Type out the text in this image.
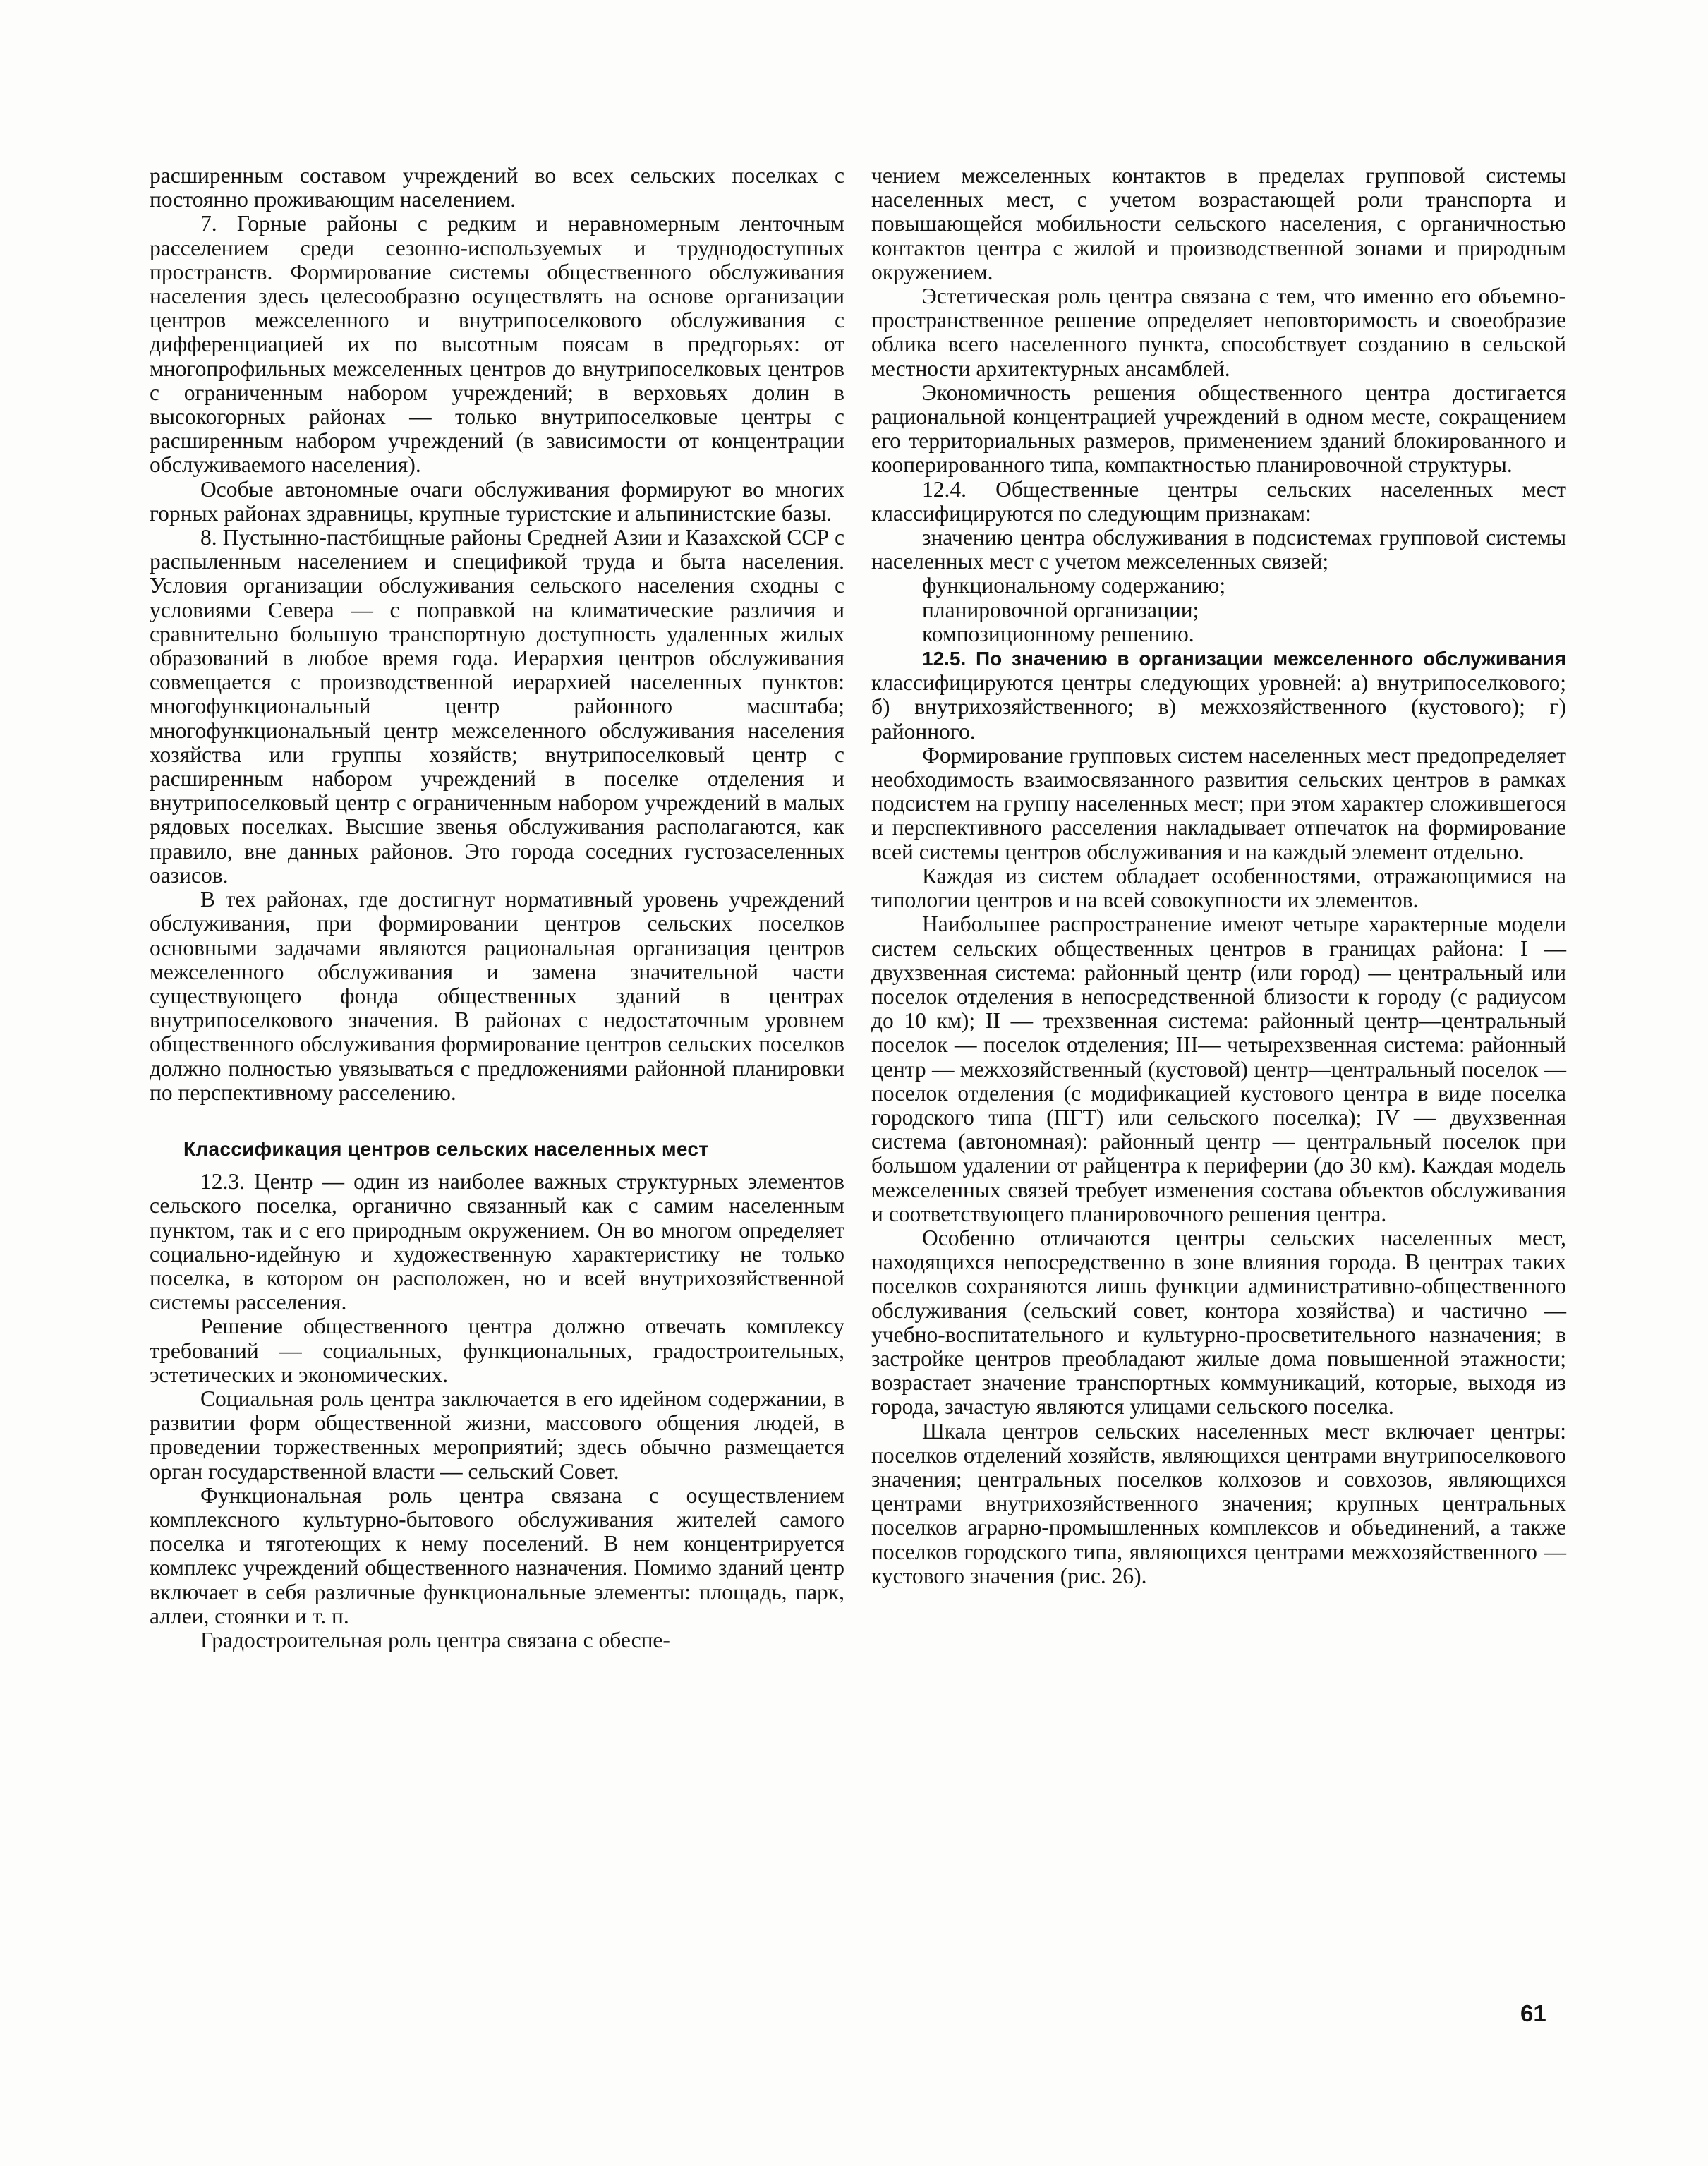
расширенным составом учреждений во всех сельских поселках с постоянно проживающим населением.

7. Горные районы с редким и неравномерным ленточным расселением среди сезонно-используемых и труднодоступных пространств. Формирование системы общественного обслуживания населения здесь целесообразно осуществлять на основе организации центров межселенного и внутрипоселкового обслуживания с дифференциацией их по высотным поясам в предгорьях: от многопрофильных межселенных центров до внутрипоселковых центров с ограниченным набором учреждений; в верховьях долин в высокогорных районах — только внутрипоселковые центры с расширенным набором учреждений (в зависимости от концентрации обслуживаемого населения).

Особые автономные очаги обслуживания формируют во многих горных районах здравницы, крупные туристские и альпинистские базы.

8. Пустынно-пастбищные районы Средней Азии и Казахской ССР с распыленным населением и спецификой труда и быта населения. Условия организации обслуживания сельского населения сходны с условиями Севера — с поправкой на климатические различия и сравнительно большую транспортную доступность удаленных жилых образований в любое время года. Иерархия центров обслуживания совмещается с производственной иерархией населенных пунктов: многофункциональный центр районного масштаба; многофункциональный центр межселенного обслуживания населения хозяйства или группы хозяйств; внутрипоселковый центр с расширенным набором учреждений в поселке отделения и внутрипоселковый центр с ограниченным набором учреждений в малых рядовых поселках. Высшие звенья обслуживания располагаются, как правило, вне данных районов. Это города соседних густозаселенных оазисов.

В тех районах, где достигнут нормативный уровень учреждений обслуживания, при формировании центров сельских поселков основными задачами являются рациональная организация центров межселенного обслуживания и замена значительной части существующего фонда общественных зданий в центрах внутрипоселкового значения. В районах с недостаточным уровнем общественного обслуживания формирование центров сельских поселков должно полностью увязываться с предложениями районной планировки по перспективному расселению.

Классификация центров сельских населенных мест

12.3. Центр — один из наиболее важных структурных элементов сельского поселка, органично связанный как с самим населенным пунктом, так и с его природным окружением. Он во многом определяет социально-идейную и художественную характеристику не только поселка, в котором он расположен, но и всей внутрихозяйственной системы расселения.

Решение общественного центра должно отвечать комплексу требований — социальных, функциональных, градостроительных, эстетических и экономических.

Социальная роль центра заключается в его идейном содержании, в развитии форм общественной жизни, массового общения людей, в проведении торжественных мероприятий; здесь обычно размещается орган государственной власти — сельский Совет.

Функциональная роль центра связана с осуществлением комплексного культурно-бытового обслуживания жителей самого поселка и тяготеющих к нему поселений. В нем концентрируется комплекс учреждений общественного назначения. Помимо зданий центр включает в себя различные функциональные элементы: площадь, парк, аллеи, стоянки и т. п.

Градостроительная роль центра связана с обеспе-

чением межселенных контактов в пределах групповой системы населенных мест, с учетом возрастающей роли транспорта и повышающейся мобильности сельского населения, с органичностью контактов центра с жилой и производственной зонами и природным окружением.

Эстетическая роль центра связана с тем, что именно его объемно-пространственное решение определяет неповторимость и своеобразие облика всего населенного пункта, способствует созданию в сельской местности архитектурных ансамблей.

Экономичность решения общественного центра достигается рациональной концентрацией учреждений в одном месте, сокращением его территориальных размеров, применением зданий блокированного и кооперированного типа, компактностью планировочной структуры.

12.4. Общественные центры сельских населенных мест классифицируются по следующим признакам:

значению центра обслуживания в подсистемах групповой системы населенных мест с учетом межселенных связей;

функциональному содержанию;

планировочной организации;

композиционному решению.

12.5. По значению в организации межселенного обслуживания классифицируются центры следующих уровней: а) внутрипоселкового; б) внутрихозяйственного; в) межхозяйственного (кустового); г) районного.

Формирование групповых систем населенных мест предопределяет необходимость взаимосвязанного развития сельских центров в рамках подсистем на группу населенных мест; при этом характер сложившегося и перспективного расселения накладывает отпечаток на формирование всей системы центров обслуживания и на каждый элемент отдельно.

Каждая из систем обладает особенностями, отражающимися на типологии центров и на всей совокупности их элементов.

Наибольшее распространение имеют четыре характерные модели систем сельских общественных центров в границах района: I — двухзвенная система: районный центр (или город) — центральный или поселок отделения в непосредственной близости к городу (с радиусом до 10 км); II — трехзвенная система: районный центр—центральный поселок — поселок отделения; III— четырехзвенная система: районный центр — межхозяйственный (кустовой) центр—центральный поселок — поселок отделения (с модификацией кустового центра в виде поселка городского типа (ПГТ) или сельского поселка); IV — двухзвенная система (автономная): районный центр — центральный поселок при большом удалении от райцентра к периферии (до 30 км). Каждая модель межселенных связей требует изменения состава объектов обслуживания и соответствующего планировочного решения центра.

Особенно отличаются центры сельских населенных мест, находящихся непосредственно в зоне влияния города. В центрах таких поселков сохраняются лишь функции административно-общественного обслуживания (сельский совет, контора хозяйства) и частично — учебно-воспитательного и культурно-просветительного назначения; в застройке центров преобладают жилые дома повышенной этажности; возрастает значение транспортных коммуникаций, которые, выходя из города, зачастую являются улицами сельского поселка.

Шкала центров сельских населенных мест включает центры: поселков отделений хозяйств, являющихся центрами внутрипоселкового значения; центральных поселков колхозов и совхозов, являющихся центрами внутрихозяйственного значения; крупных центральных поселков аграрно-промышленных комплексов и объединений, а также поселков городского типа, являющихся центрами межхозяйственного — кустового значения (рис. 26).

61
